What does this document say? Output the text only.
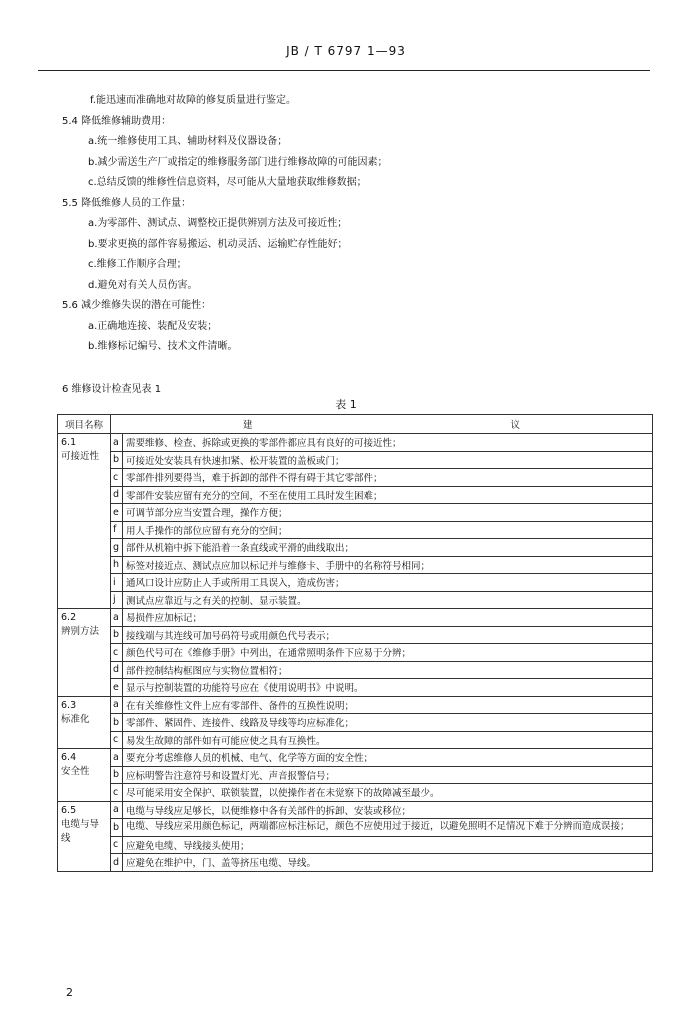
JB / T 6797 1—93
f.能迅速而准确地对故障的修复质量进行鉴定。
5.4 降低维修辅助费用：
a.统一维修使用工具、辅助材料及仪器设备；
b.减少需送生产厂或指定的维修服务部门进行维修故障的可能因素；
c.总结反馈的维修性信息资料，尽可能从大量地获取维修数据；
5.5 降低维修人员的工作量：
a.为零部件、测试点、调整校正提供辨别方法及可接近性；
b.要求更换的部件容易搬运、机动灵活、运输贮存性能好；
c.维修工作顺序合理；
d.避免对有关人员伤害。
5.6 减少维修失误的潜在可能性：
a.正确地连接、装配及安装；
b.维修标记编号、技术文件清晰。
6 维修设计检查见表 1
表 1
项目名称	建 议	

6.1
可接近性	a	需要维修、检查、拆除或更换的零部件都应具有良好的可接近性；
	b	可接近处安装具有快速扣紧、松开装置的盖板或门；
	c	零部件排列要得当，难于拆卸的部件不得有碍于其它零部件；
	d	零部件安装应留有充分的空间，不至在使用工具时发生困难；
	e	可调节部分应当安置合理，操作方便；
	f	用人手操作的部位应留有充分的空间；
	g	部件从机箱中拆下能沿着一条直线或平滑的曲线取出；
	h	标签对接近点、测试点应加以标记并与维修卡、手册中的名称符号相同；
	i	通风口设计应防止人手或所用工具误入，造成伤害；
	j	测试点应靠近与之有关的控制、显示装置。

6.2
辨别方法	a	易损件应加标记；
	b	接线端与其连线可加号码符号或用颜色代号表示；
	c	颜色代号可在《维修手册》中列出，在通常照明条件下应易于分辨；
	d	部件控制结构框图应与实物位置相符；
	e	显示与控制装置的功能符号应在《使用说明书》中说明。

6.3
标准化	a	在有关维修性文件上应有零部件、备件的互换性说明；
	b	零部件、紧固件、连接件、线路及导线等均应标准化；
	c	易发生故障的部件如有可能应使之具有互换性。

6.4
安全性	a	要充分考虑维修人员的机械、电气、化学等方面的安全性；
	b	应标明警告注意符号和设置灯光、声音报警信号；
	c	尽可能采用安全保护、联锁装置，以使操作者在未觉察下的故障减至最少。

6.5
电缆与导线	a	电缆与导线应足够长，以便维修中各有关部件的拆卸、安装或移位；
	b	电缆、导线应采用颜色标记，两端都应标注标记，颜色不应使用过于接近，以避免照明不足情况下难于分辨而造成误接；
	c	应避免电缆、导线接头使用；
	d	应避免在维护中，门、盖等挤压电缆、导线。
2
